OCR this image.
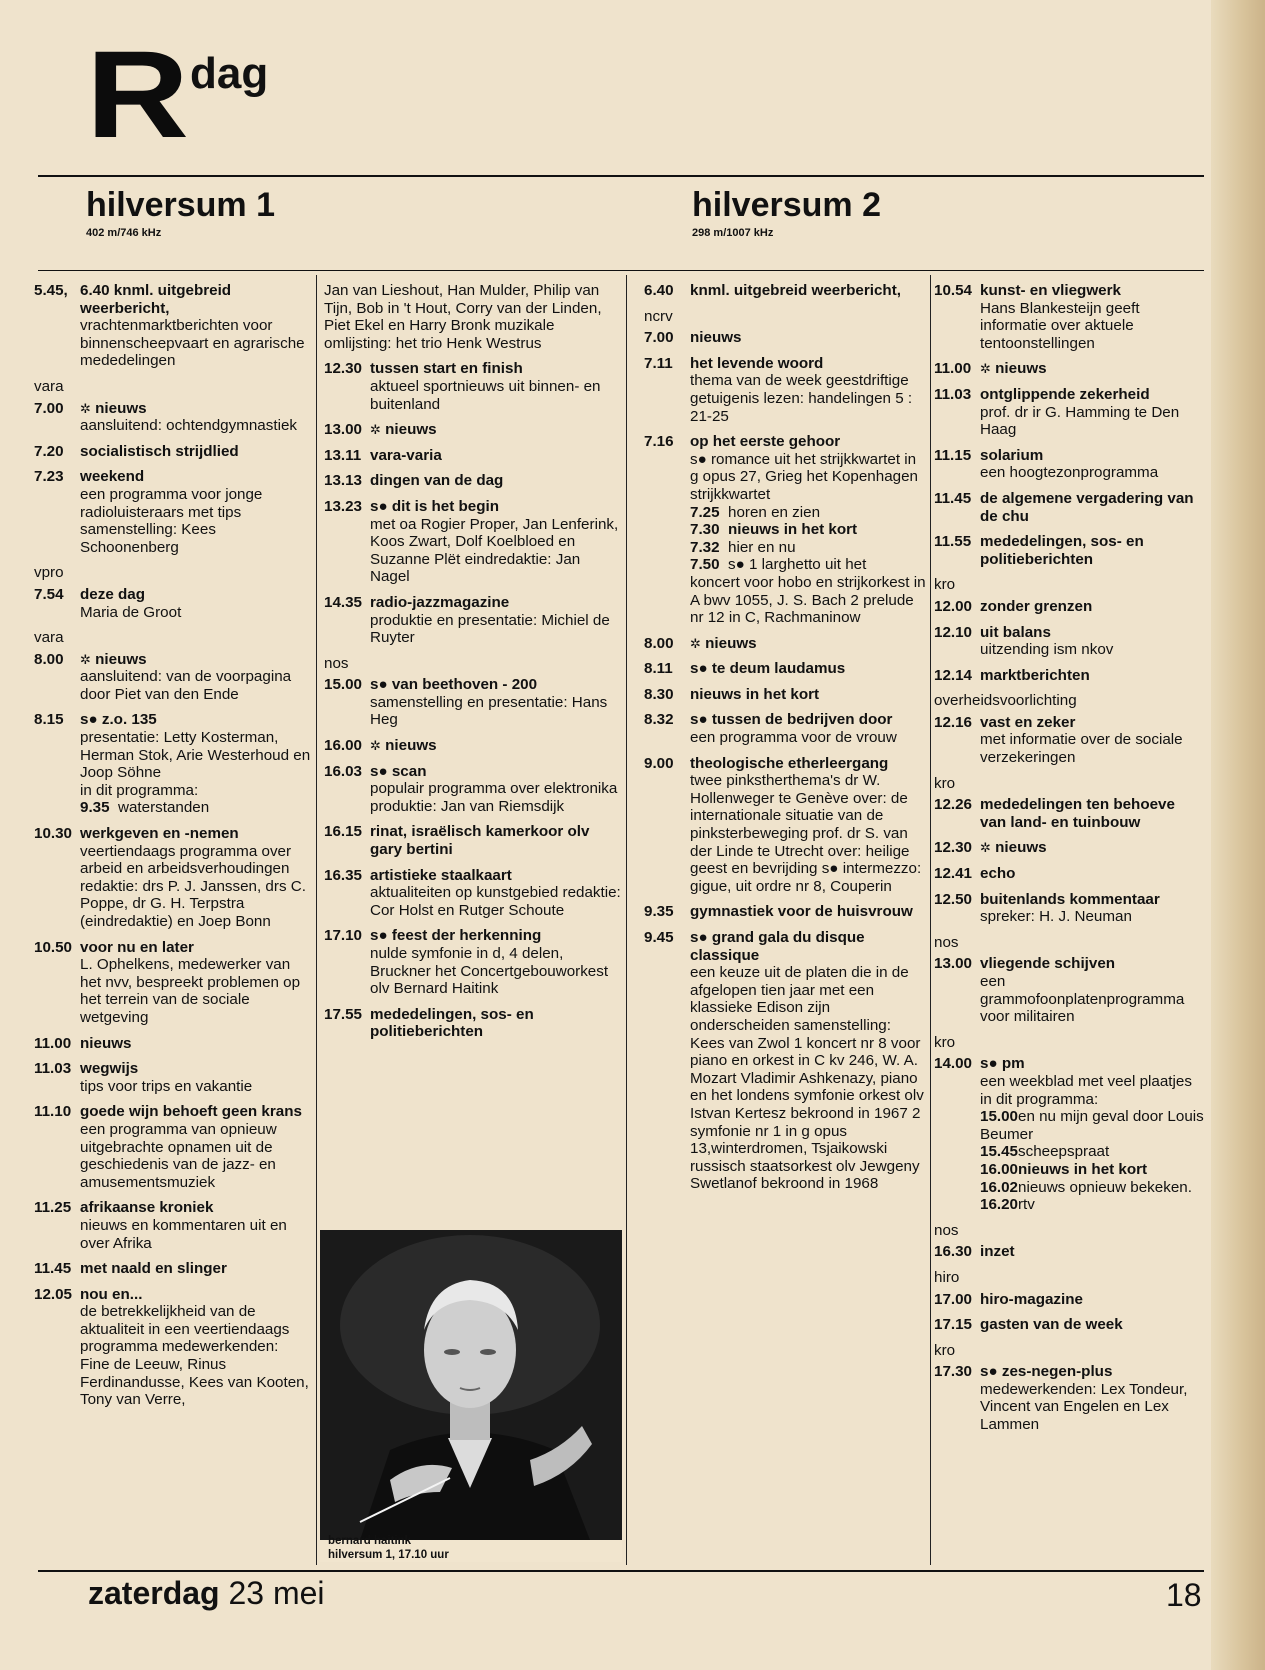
R dag
hilversum 1
402 m/746 kHz
hilversum 2
298 m/1007 kHz
5.45, 6.40 knml. uitgebreid weerbericht,
vrachtenmarktberichten voor binnenscheepvaart en agrarische mededelingen
vara
7.00	✲ nieuws
aansluitend: ochtendgymnastiek
7.20	socialistisch strijdlied
7.23	weekend
een programma voor jonge radioluisteraars met tips samenstelling: Kees Schoonenberg
vpro
7.54	deze dag
Maria de Groot
vara
8.00	✲ nieuws
aansluitend: van de voorpagina door Piet van den Ende
8.15	s● z.o. 135
presentatie: Letty Kosterman, Herman Stok, Arie Westerhoud en Joop Söhne
in dit programma:
9.35 waterstanden
10.30 werkgeven en -nemen
veertiendaags programma over arbeid en arbeidsverhoudingen redaktie: drs P. J. Janssen, drs C. Poppe, dr G. H. Terpstra (eindredaktie) en Joep Bonn
10.50 voor nu en later
L. Ophelkens, medewerker van het nvv, bespreekt problemen op het terrein van de sociale wetgeving
11.00 nieuws
11.03 wegwijs
tips voor trips en vakantie
11.10 goede wijn behoeft geen krans
een programma van opnieuw uitgebrachte opnamen uit de geschiedenis van de jazz- en amusementsmuziek
11.25 afrikaanse kroniek
nieuws en kommentaren uit en over Afrika
11.45 met naald en slinger
12.05 nou en...
de betrekkelijkheid van de aktualiteit in een veertiendaags programma medewerkenden: Fine de Leeuw, Rinus Ferdinandusse, Kees van Kooten, Tony van Verre,
Jan van Lieshout, Han Mulder, Philip van Tijn, Bob in 't Hout, Corry van der Linden, Piet Ekel en Harry Bronk muzikale omlijsting: het trio Henk Westrus
12.30 tussen start en finish
aktueel sportnieuws uit binnen- en buitenland
13.00 ✲ nieuws
13.11 vara-varia
13.13 dingen van de dag
13.23 s● dit is het begin
met oa Rogier Proper, Jan Lenferink, Koos Zwart, Dolf Koelbloed en Suzanne Plët eindredaktie: Jan Nagel
14.35 radio-jazzmagazine
produktie en presentatie: Michiel de Ruyter
nos
15.00 s● van beethoven - 200
samenstelling en presentatie: Hans Heg
16.00 ✲ nieuws
16.03 s● scan
populair programma over elektronika produktie: Jan van Riemsdijk
16.15 rinat, israëlisch kamerkoor olv gary bertini
16.35 artistieke staalkaart
aktualiteiten op kunstgebied redaktie: Cor Holst en Rutger Schoute
17.10 s● feest der herkenning
nulde symfonie in d, 4 delen, Bruckner het Concertgebouworkest olv Bernard Haitink
17.55 mededelingen, sos- en politieberichten
6.40	knml. uitgebreid weerbericht,
ncrv
7.00	nieuws
7.11	het levende woord
thema van de week geestdriftige getuigenis lezen: handelingen 5 : 21-25
7.16	op het eerste gehoor
s● romance uit het strijkkwartet in g opus 27, Grieg het Kopenhagen strijkkwartet
7.25 horen en zien
7.30 nieuws in het kort
7.32 hier en nu
7.50 s● 1 larghetto uit het
koncert voor hobo en strijkorkest in A bwv 1055, J. S. Bach 2 prelude nr 12 in C, Rachmaninow
8.00	✲ nieuws
8.11	s● te deum laudamus
8.30	nieuws in het kort
8.32	s● tussen de bedrijven door
een programma voor de vrouw
9.00	theologische etherleergang
twee pinkstherthema's dr W. Hollenweger te Genève over: de internationale situatie van de pinksterbeweging prof. dr S. van der Linde te Utrecht over: heilige geest en bevrijding s● intermezzo: gigue, uit ordre nr 8, Couperin
9.35	gymnastiek voor de huisvrouw
9.45	s● grand gala du disque classique
een keuze uit de platen die in de afgelopen tien jaar met een klassieke Edison zijn onderscheiden samenstelling: Kees van Zwol 1 koncert nr 8 voor piano en orkest in C kv 246, W. A. Mozart Vladimir Ashkenazy, piano en het londens symfonie orkest olv Istvan Kertesz bekroond in 1967 2 symfonie nr 1 in g opus 13,winterdromen, Tsjaikowski russisch staatsorkest olv Jewgeny Swetlanof bekroond in 1968
10.54 kunst- en vliegwerk
Hans Blankesteijn geeft informatie over aktuele tentoonstellingen
11.00 ✲ nieuws
11.03 ontglippende zekerheid
prof. dr ir G. Hamming te Den Haag
11.15 solarium
een hoogtezonprogramma
11.45 de algemene vergadering van de chu
11.55 mededelingen, sos- en politieberichten
kro
12.00 zonder grenzen
12.10 uit balans
uitzending ism nkov
12.14 marktberichten
overheidsvoorlichting
12.16 vast en zeker
met informatie over de sociale verzekeringen
kro
12.26 mededelingen ten behoeve van land- en tuinbouw
12.30 ✲ nieuws
12.41 echo
12.50 buitenlands kommentaar
spreker: H. J. Neuman
nos
13.00 vliegende schijven
een grammofoonplatenprogramma voor militairen
kro
14.00 s● pm
een weekblad met veel plaatjes
in dit programma:
15.00en nu mijn geval door Louis Beumer
15.45scheepspraat
16.00nieuws in het kort
16.02nieuws opnieuw bekeken.
16.20rtv
nos
16.30 inzet
hiro
17.00 hiro-magazine
17.15 gasten van de week
kro
17.30 s● zes-negen-plus
medewerkenden: Lex Tondeur, Vincent van Engelen en Lex Lammen
bernard haitink
hilversum 1, 17.10 uur
zaterdag 23 mei	18
